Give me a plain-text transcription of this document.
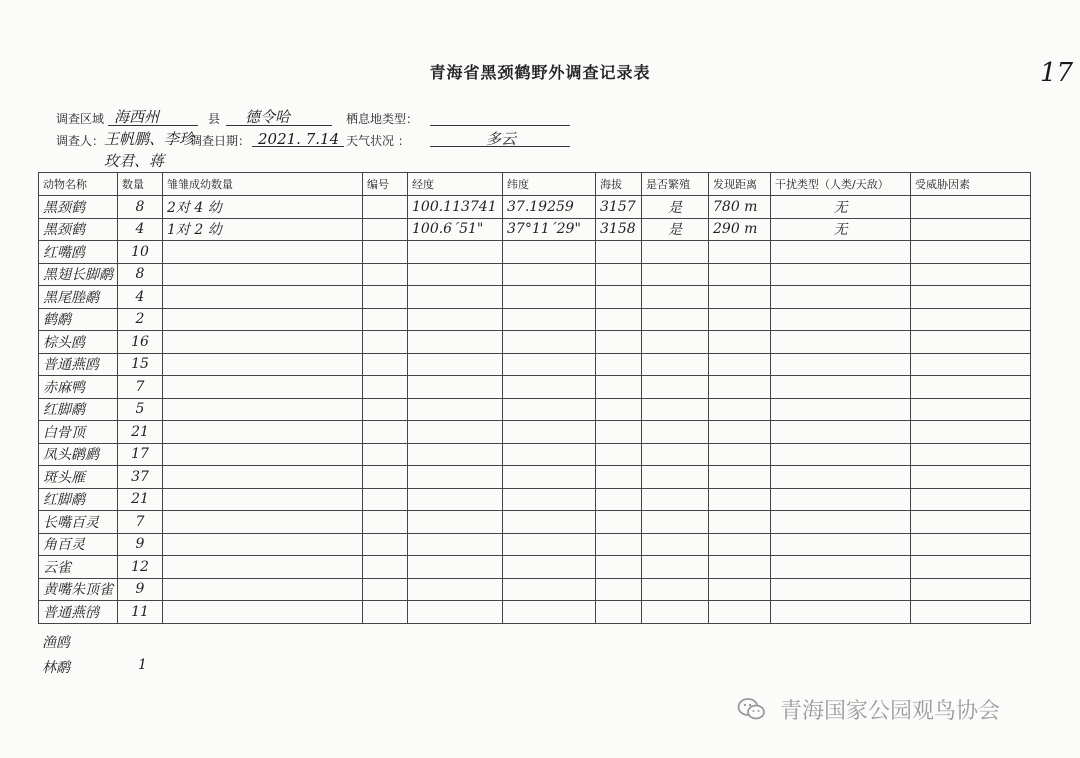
17
青海省黑颈鹤野外调查记录表
调查区域 海西州	县 德令哈	栖息地类型：
调查人： 王帆鹏、李珍
调查日期： 2021. 7.14 天气状况 ：	多云
玫君、蒋
动物名称	数量	雏雏成幼数量	编号	经度	纬度	海拔	是否繁殖	发现距离	干扰类型（人类/天敌）	受威胁因素
黑颈鹤	8	2对 4 幼		100.113741	37.19259	3157	是	780 m	无	
黑颈鹤	4	1对 2 幼		100.6´51"	37°11´29"	3158	是	290 m	无	
红嘴鸥	10									
黑翅长脚鹬	8									
黑尾塍鹬	4									
鹤鹬	2									
棕头鸥	16									
普通燕鸥	15									
赤麻鸭	7									
红脚鹬	5									
白骨顶	21									
凤头䴙䴘	17									
斑头雁	37									
红脚鹬	21									
长嘴百灵	7									
角百灵	9									
云雀	12									
黄嘴朱顶雀	9									
普通燕鸻	11									
渔鸥
林鹬	1
青海国家公园观鸟协会
